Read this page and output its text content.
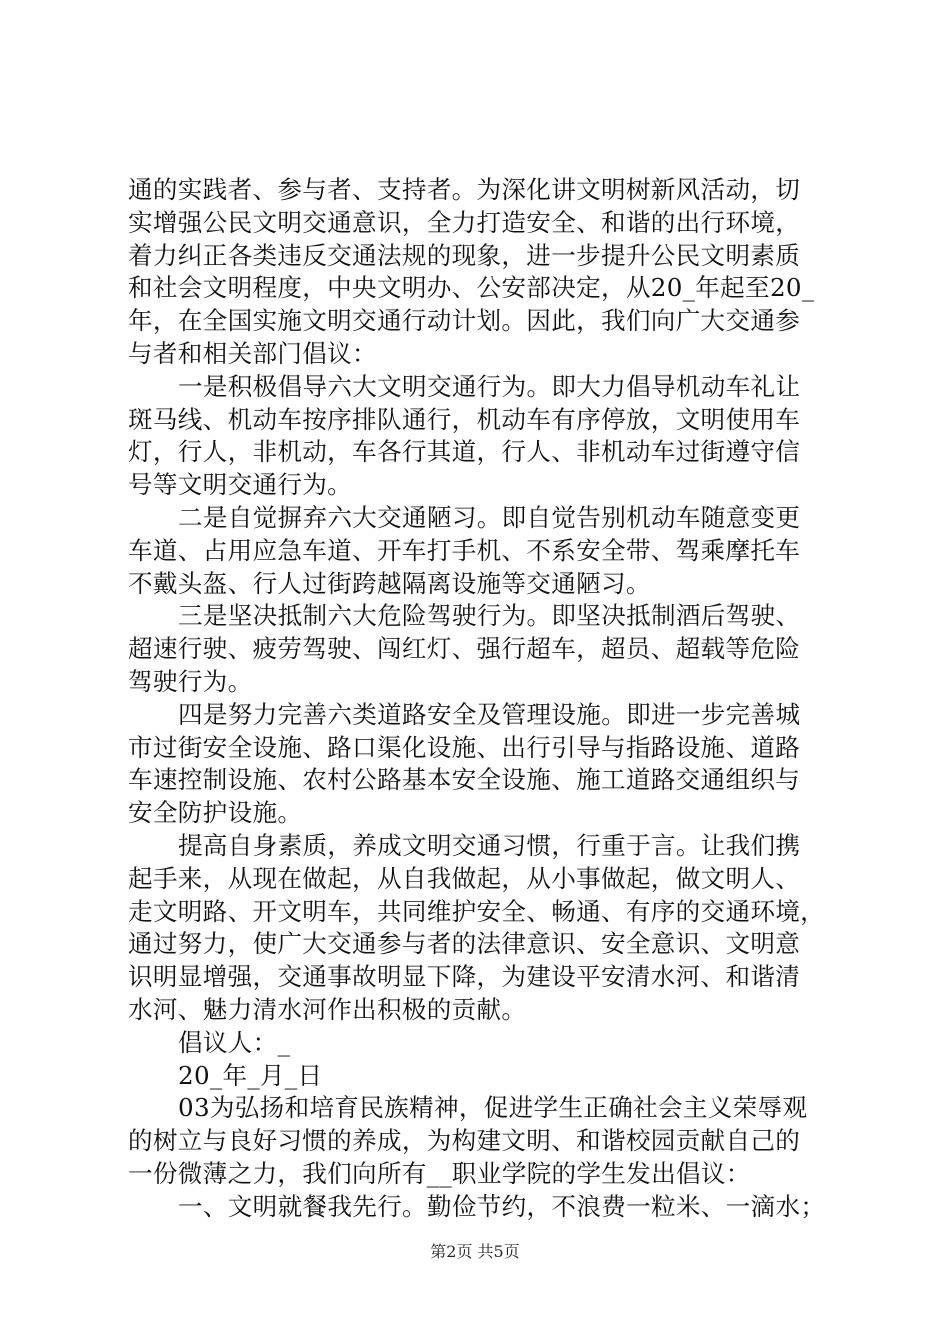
通的实践者、参与者、支持者。为深化讲文明树新风活动，切
实增强公民文明交通意识，全力打造安全、和谐的出行环境，
着力纠正各类违反交通法规的现象，进一步提升公民文明素质
和社会文明程度，中央文明办、公安部决定，从20_年起至20_
年，在全国实施文明交通行动计划。因此，我们向广大交通参
与者和相关部门倡议：
一是积极倡导六大文明交通行为。即大力倡导机动车礼让
斑马线、机动车按序排队通行，机动车有序停放，文明使用车
灯，行人，非机动，车各行其道，行人、非机动车过街遵守信
号等文明交通行为。
二是自觉摒弃六大交通陋习。即自觉告别机动车随意变更
车道、占用应急车道、开车打手机、不系安全带、驾乘摩托车
不戴头盔、行人过街跨越隔离设施等交通陋习。
三是坚决抵制六大危险驾驶行为。即坚决抵制酒后驾驶、
超速行驶、疲劳驾驶、闯红灯、强行超车，超员、超载等危险
驾驶行为。
四是努力完善六类道路安全及管理设施。即进一步完善城
市过街安全设施、路口渠化设施、出行引导与指路设施、道路
车速控制设施、农村公路基本安全设施、施工道路交通组织与
安全防护设施。
提高自身素质，养成文明交通习惯，行重于言。让我们携
起手来，从现在做起，从自我做起，从小事做起，做文明人、
走文明路、开文明车，共同维护安全、畅通、有序的交通环境，
通过努力，使广大交通参与者的法律意识、安全意识、文明意
识明显增强，交通事故明显下降，为建设平安清水河、和谐清
水河、魅力清水河作出积极的贡献。
倡议人：_
20_年_月_日
03为弘扬和培育民族精神，促进学生正确社会主义荣辱观
的树立与良好习惯的养成，为构建文明、和谐校园贡献自己的
一份微薄之力，我们向所有__职业学院的学生发出倡议：
一、文明就餐我先行。勤俭节约，不浪费一粒米、一滴水；
第2页 共5页
